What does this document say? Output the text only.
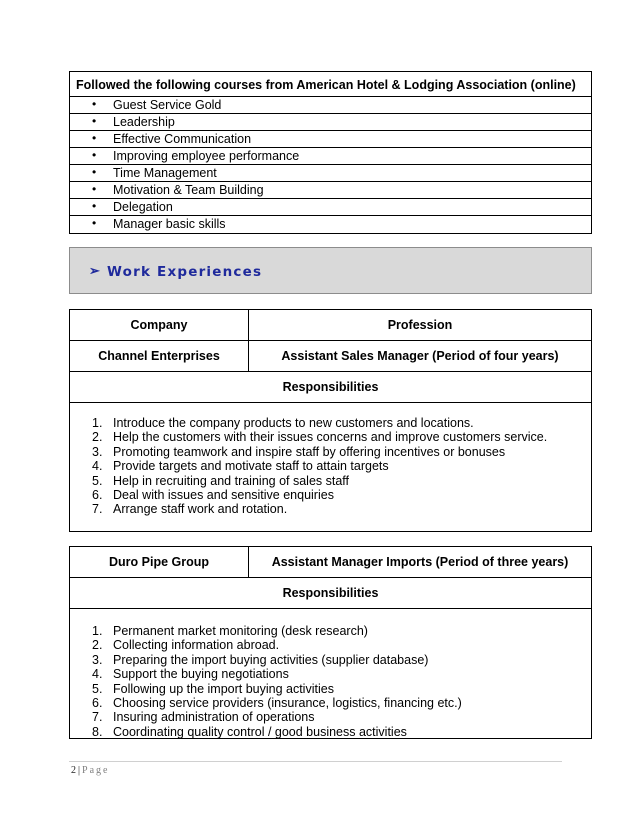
Followed the following courses from American Hotel & Lodging Association (online)
• Guest Service Gold
• Leadership
• Effective Communication
• Improving employee performance
• Time Management
• Motivation & Team Building
• Delegation
• Manager basic skills
➢ Work Experiences
Company	Profession
Channel Enterprises	Assistant Sales Manager (Period of four years)
Responsibilities
1. Introduce the company products to new customers and locations.
2. Help the customers with their issues concerns and improve customers service.
3. Promoting teamwork and inspire staff by offering incentives or bonuses
4. Provide targets and motivate staff to attain targets
5. Help in recruiting and training of sales staff
6. Deal with issues and sensitive enquiries
7. Arrange staff work and rotation.
Duro Pipe Group	Assistant Manager Imports (Period of three years)
Responsibilities
1. Permanent market monitoring (desk research)
2. Collecting information abroad.
3. Preparing the import buying activities (supplier database)
4. Support the buying negotiations
5. Following up the import buying activities
6. Choosing service providers (insurance, logistics, financing etc.)
7. Insuring administration of operations
8. Coordinating quality control / good business activities
2 | Page
